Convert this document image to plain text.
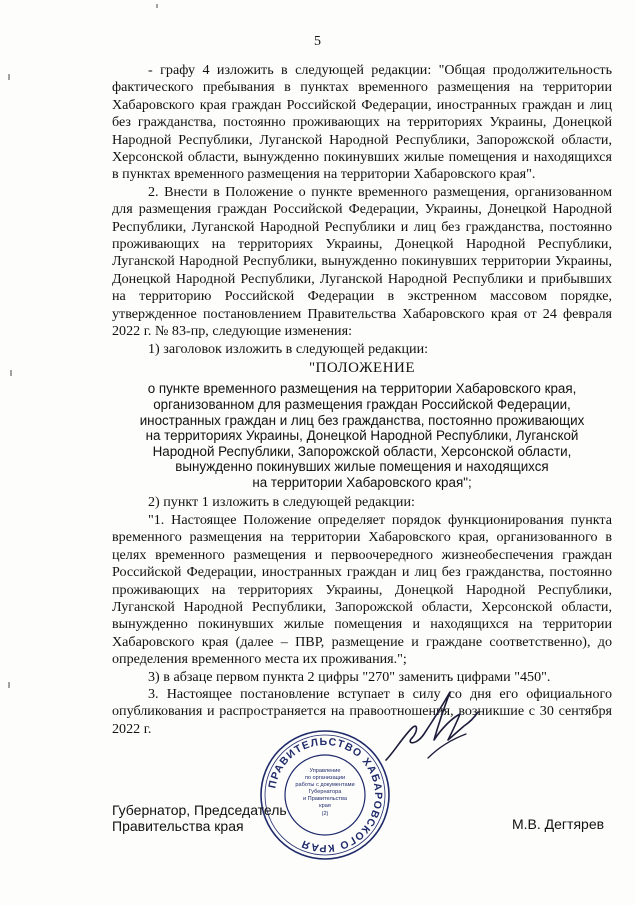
5

- графу 4 изложить в следующей редакции: "Общая продолжительность фактического пребывания в пунктах временного размещения на территории Хабаровского края граждан Российской Федерации, иностранных граждан и лиц без гражданства, постоянно проживающих на территориях Украины, Донецкой Народной Республики, Луганской Народной Республики, Запорожской области, Херсонской области, вынужденно покинувших жилые помещения и находящихся в пунктах временного размещения на территории Хабаровского края".

2. Внести в Положение о пункте временного размещения, организованном для размещения граждан Российской Федерации, Украины, Донецкой Народной Республики, Луганской Народной Республики и лиц без гражданства, постоянно проживающих на территориях Украины, Донецкой Народной Республики, Луганской Народной Республики, вынужденно покинувших территории Украины, Донецкой Народной Республики, Луганской Народной Республики и прибывших на территорию Российской Федерации в экстренном массовом порядке, утвержденное постановлением Правительства Хабаровского края от 24 февраля 2022 г. № 83-пр, следующие изменения:

1) заголовок изложить в следующей редакции:

"ПОЛОЖЕНИЕ
о пункте временного размещения на территории Хабаровского края,
организованном для размещения граждан Российской Федерации,
иностранных граждан и лиц без гражданства, постоянно проживающих
на территориях Украины, Донецкой Народной Республики, Луганской
Народной Республики, Запорожской области, Херсонской области,
вынужденно покинувших жилые помещения и находящихся
на территории Хабаровского края";

2) пункт 1 изложить в следующей редакции:

"1. Настоящее Положение определяет порядок функционирования пункта временного размещения на территории Хабаровского края, организованного в целях временного размещения и первоочередного жизнеобеспечения граждан Российской Федерации, иностранных граждан и лиц без гражданства, постоянно проживающих на территориях Украины, Донецкой Народной Республики, Луганской Народной Республики, Запорожской области, Херсонской области, вынужденно покинувших жилые помещения и находящихся на территории Хабаровского края (далее – ПВР, размещение и граждане соответственно), до определения временного места их проживания.";

3) в абзаце первом пункта 2 цифры "270" заменить цифрами "450".

3. Настоящее постановление вступает в силу со дня его официального опубликования и распространяется на правоотношения, возникшие с 30 сентября 2022 г.

ПРАВИТЕЛЬСТВО ХАБАРОВСКОГО КРАЯ
Управление
по организации
работы с документами
Губернатора
и Правительства
края
(2)
Губернатор, Председатель
Правительства края	М.В. Дегтярев
